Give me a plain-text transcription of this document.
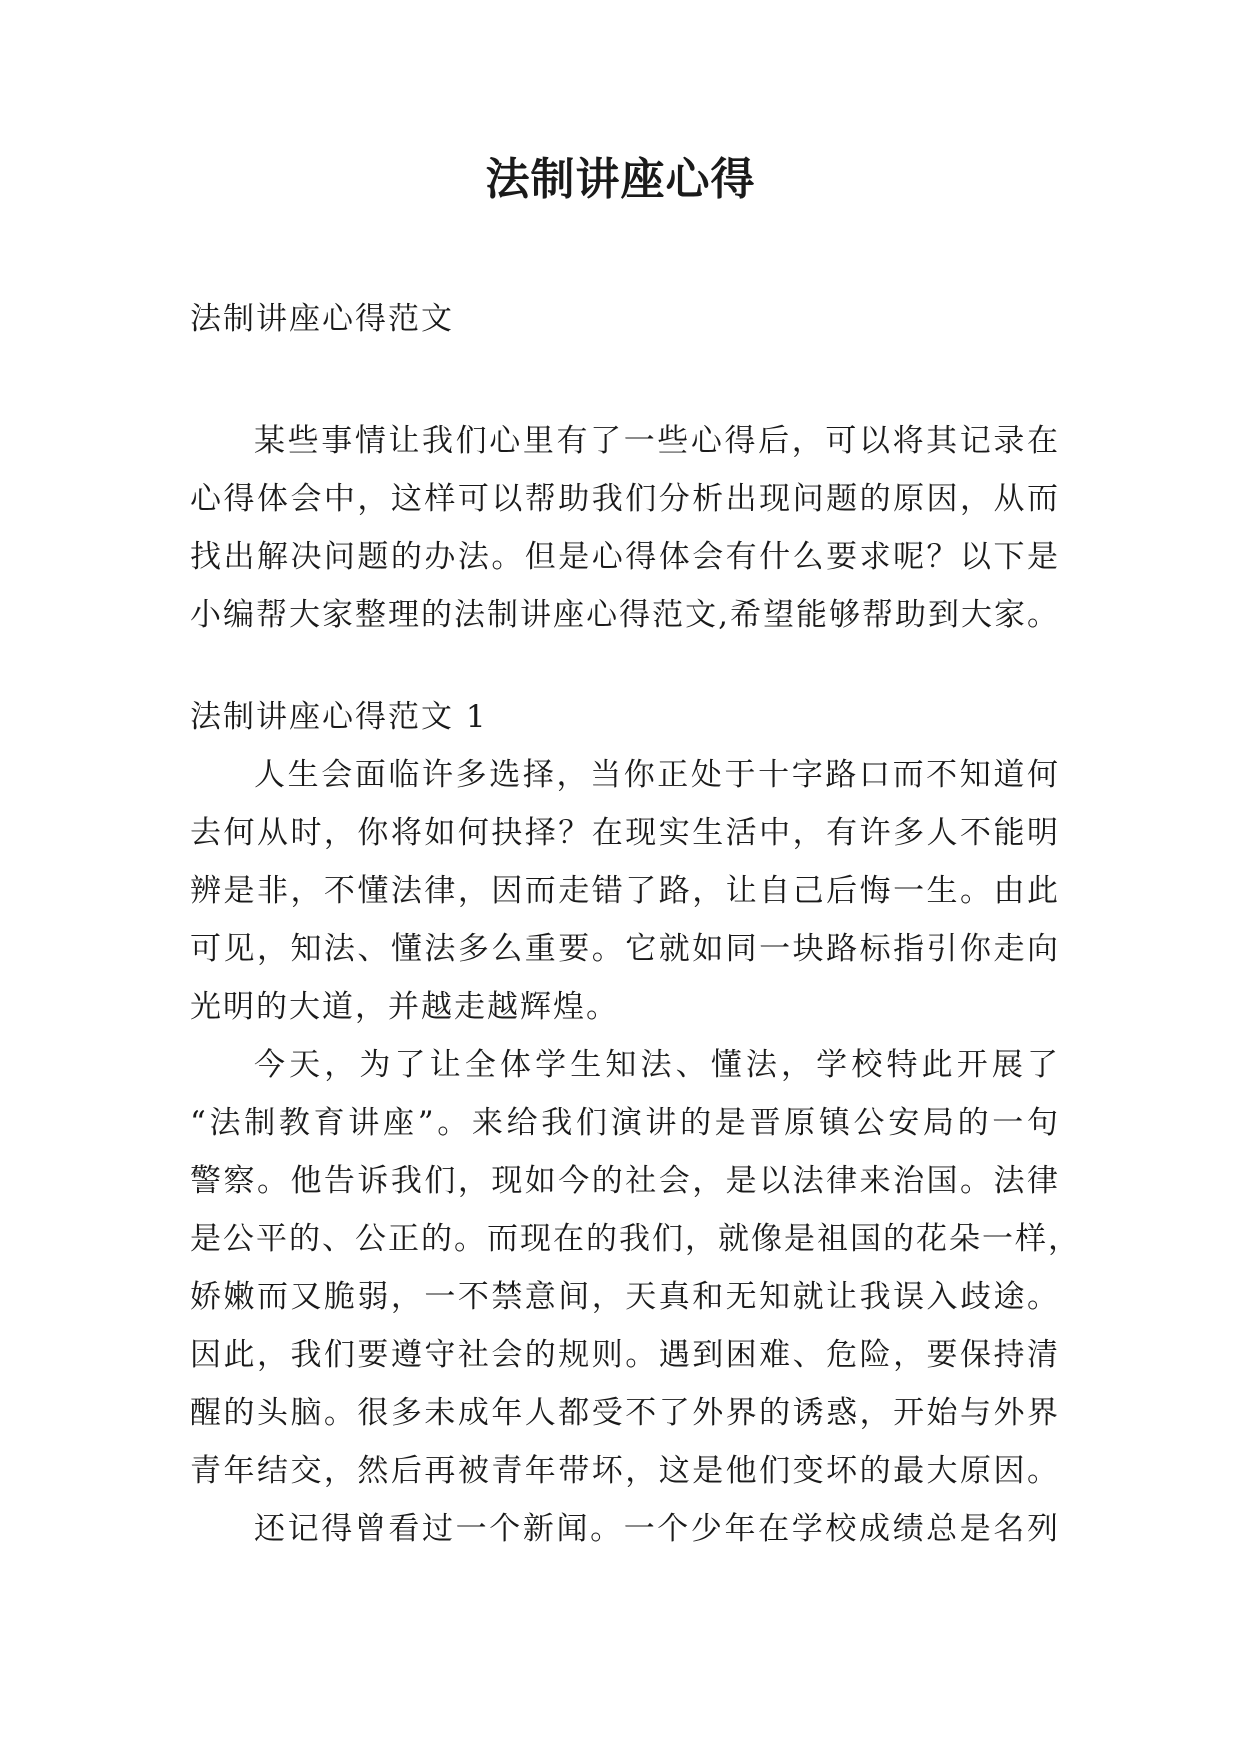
法制讲座心得
法制讲座心得范文
某些事情让我们心里有了一些心得后，可以将其记录在
心得体会中，这样可以帮助我们分析出现问题的原因，从而
找出解决问题的办法。但是心得体会有什么要求呢？以下是
小编帮大家整理的法制讲座心得范文,希望能够帮助到大家。
法制讲座心得范文 1
人生会面临许多选择，当你正处于十字路口而不知道何
去何从时，你将如何抉择？在现实生活中，有许多人不能明
辨是非，不懂法律，因而走错了路，让自己后悔一生。由此
可见，知法、懂法多么重要。它就如同一块路标指引你走向
光明的大道，并越走越辉煌。
今天，为了让全体学生知法、懂法，学校特此开展了
“法制教育讲座”。来给我们演讲的是晋原镇公安局的一句
警察。他告诉我们，现如今的社会，是以法律来治国。法律
是公平的、公正的。而现在的我们，就像是祖国的花朵一样，
娇嫩而又脆弱，一不禁意间，天真和无知就让我误入歧途。
因此，我们要遵守社会的规则。遇到困难、危险，要保持清
醒的头脑。很多未成年人都受不了外界的诱惑，开始与外界
青年结交，然后再被青年带坏，这是他们变坏的最大原因。
还记得曾看过一个新闻。一个少年在学校成绩总是名列
